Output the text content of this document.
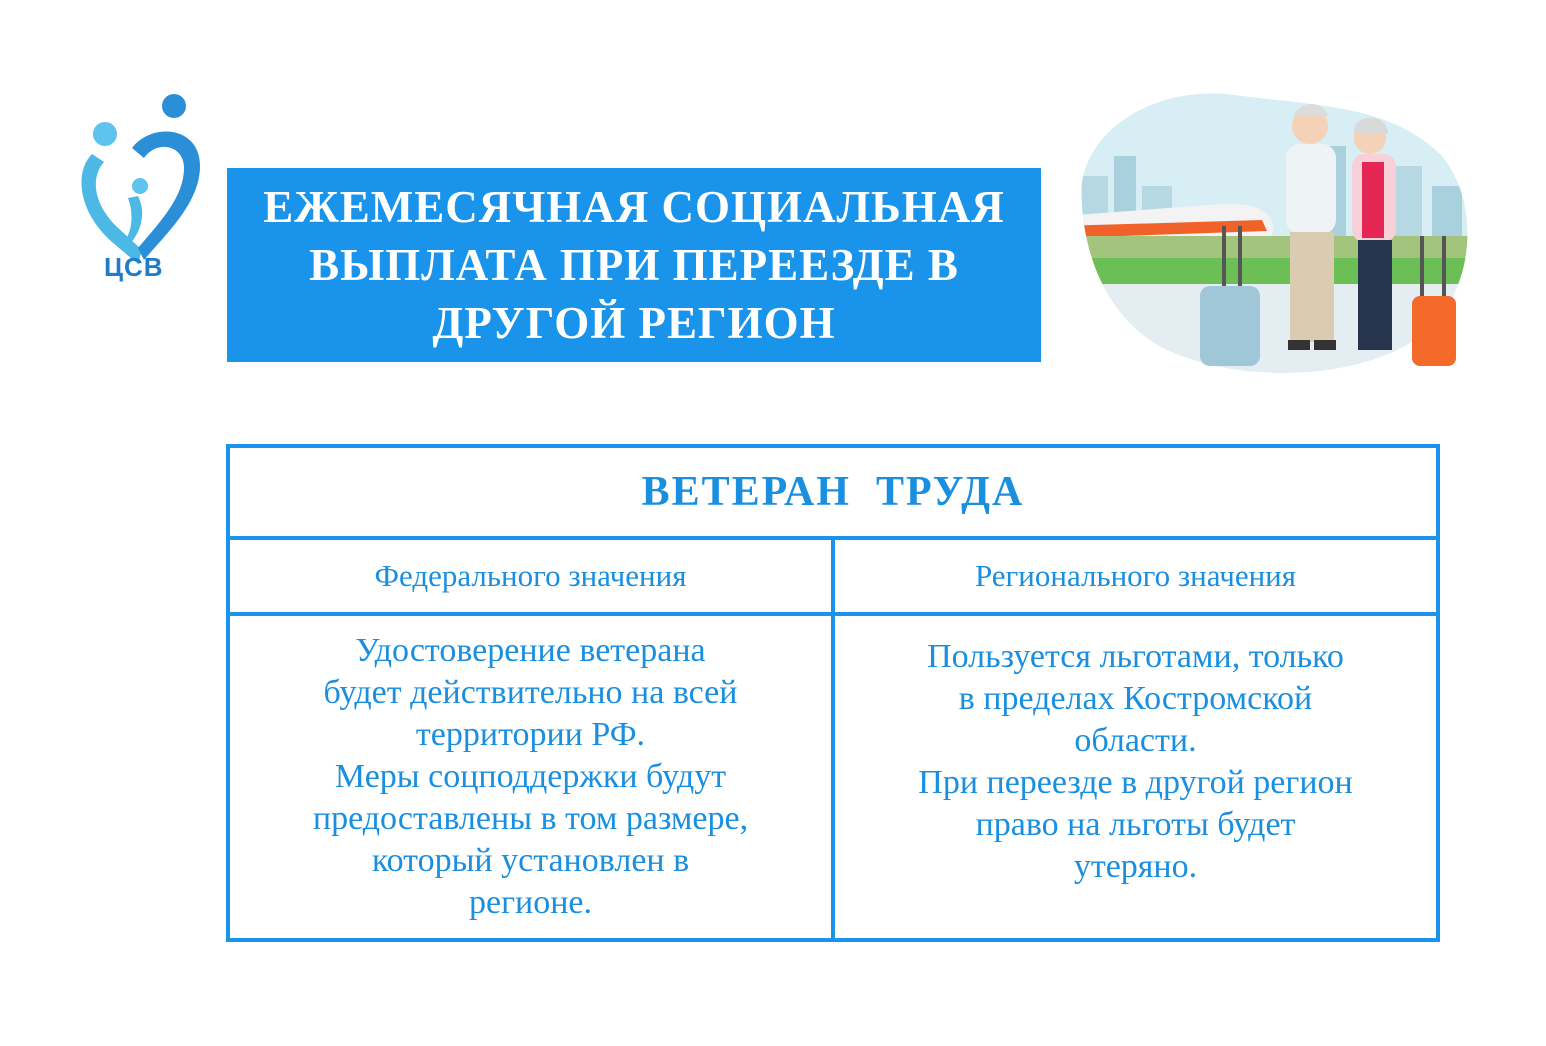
ЦСВ
ЕЖЕМЕСЯЧНАЯ СОЦИАЛЬНАЯ
ВЫПЛАТА ПРИ ПЕРЕЕЗДЕ В
ДРУГОЙ РЕГИОН
ВЕТЕРАН  ТРУДА
Федерального значения	Регионального значения
Удостоверение ветерана
будет действительно на всей
территории РФ.
Меры соцподдержки будут
предоставлены в том размере,
который установлен в
регионе.
Пользуется льготами, только
в пределах Костромской
области.
При переезде в другой регион
право на льготы будет
утеряно.
